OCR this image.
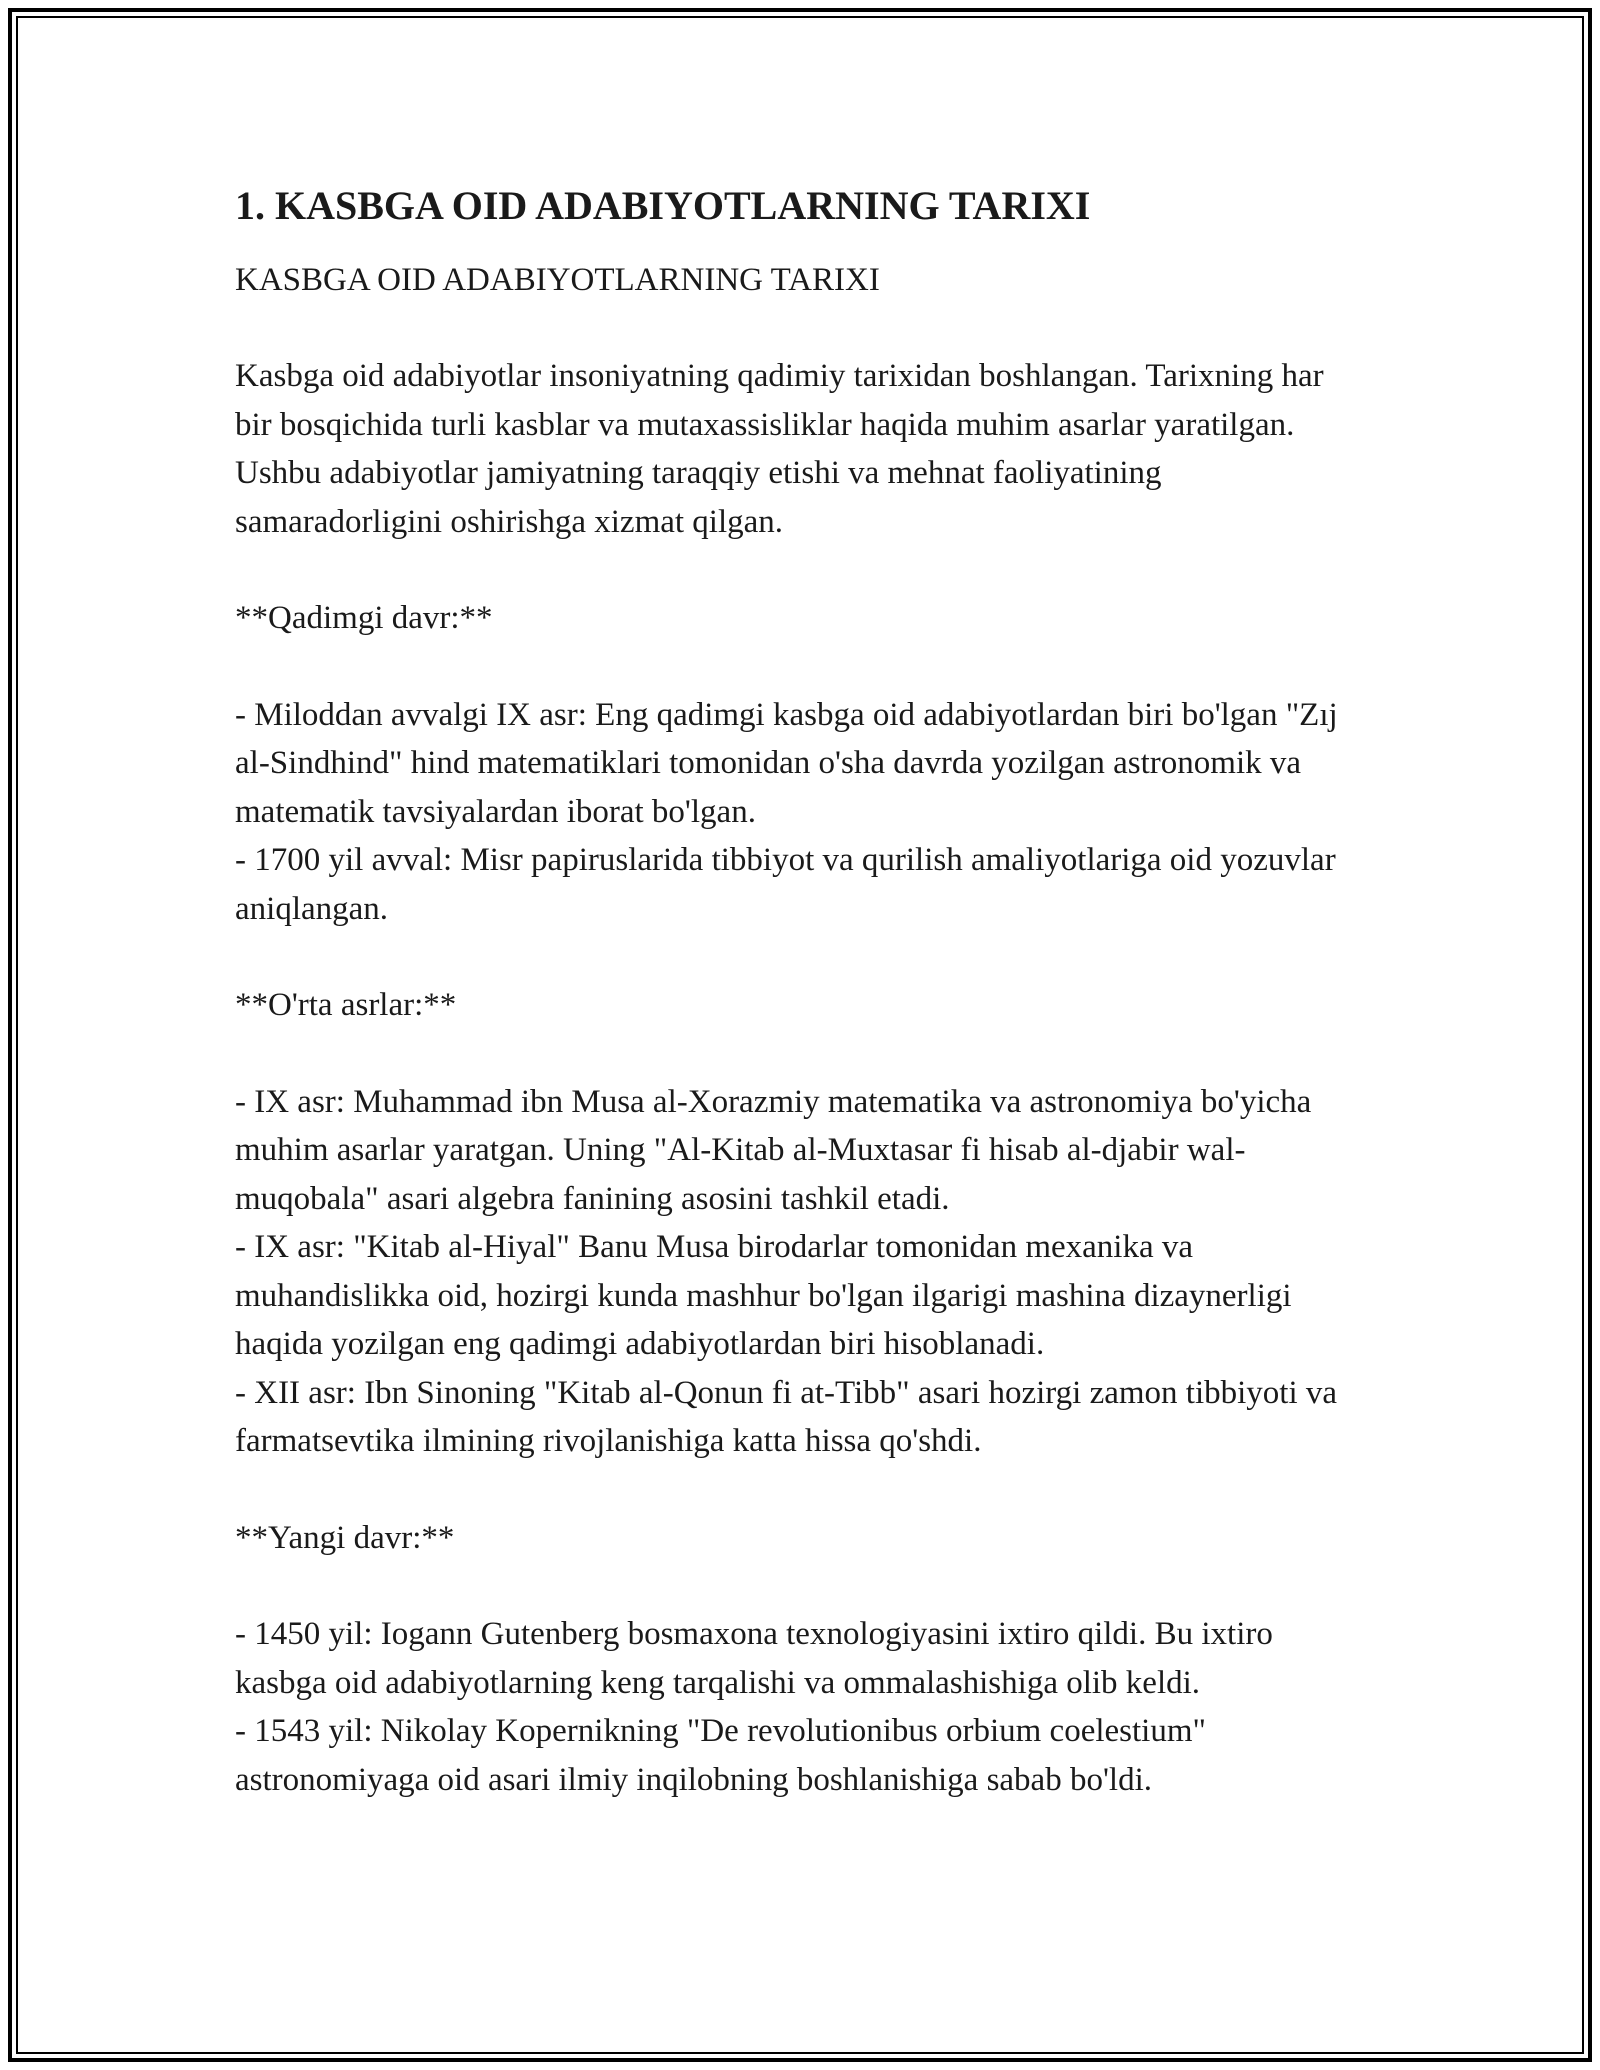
1. KASBGA OID ADABIYOTLARNING TARIXI

KASBGA OID ADABIYOTLARNING TARIXI

Kasbga oid adabiyotlar insoniyatning qadimiy tarixidan boshlangan. Tarixning har bir bosqichida turli kasblar va mutaxassisliklar haqida muhim asarlar yaratilgan. Ushbu adabiyotlar jamiyatning taraqqiy etishi va mehnat faoliyatining samaradorligini oshirishga xizmat qilgan.

**Qadimgi davr:**

- Miloddan avvalgi IX asr: Eng qadimgi kasbga oid adabiyotlardan biri bo'lgan "Zıj al-Sindhind" hind matematiklari tomonidan o'sha davrda yozilgan astronomik va matematik tavsiyalardan iborat bo'lgan.

- 1700 yil avval: Misr papiruslarida tibbiyot va qurilish amaliyotlariga oid yozuvlar aniqlangan.

**O'rta asrlar:**

- IX asr: Muhammad ibn Musa al-Xorazmiy matematika va astronomiya bo'yicha muhim asarlar yaratgan. Uning "Al-Kitab al-Muxtasar fi hisab al-djabir wal-muqobala" asari algebra fanining asosini tashkil etadi.

- IX asr: "Kitab al-Hiyal" Banu Musa birodarlar tomonidan mexanika va muhandislikka oid, hozirgi kunda mashhur bo'lgan ilgarigi mashina dizaynerligi haqida yozilgan eng qadimgi adabiyotlardan biri hisoblanadi.

- XII asr: Ibn Sinoning "Kitab al-Qonun fi at-Tibb" asari hozirgi zamon tibbiyoti va farmatsevtika ilmining rivojlanishiga katta hissa qo'shdi.

**Yangi davr:**

- 1450 yil: Iogann Gutenberg bosmaxona texnologiyasini ixtiro qildi. Bu ixtiro kasbga oid adabiyotlarning keng tarqalishi va ommalashishiga olib keldi.

- 1543 yil: Nikolay Kopernikning "De revolutionibus orbium coelestium" astronomiyaga oid asari ilmiy inqilobning boshlanishiga sabab bo'ldi.
